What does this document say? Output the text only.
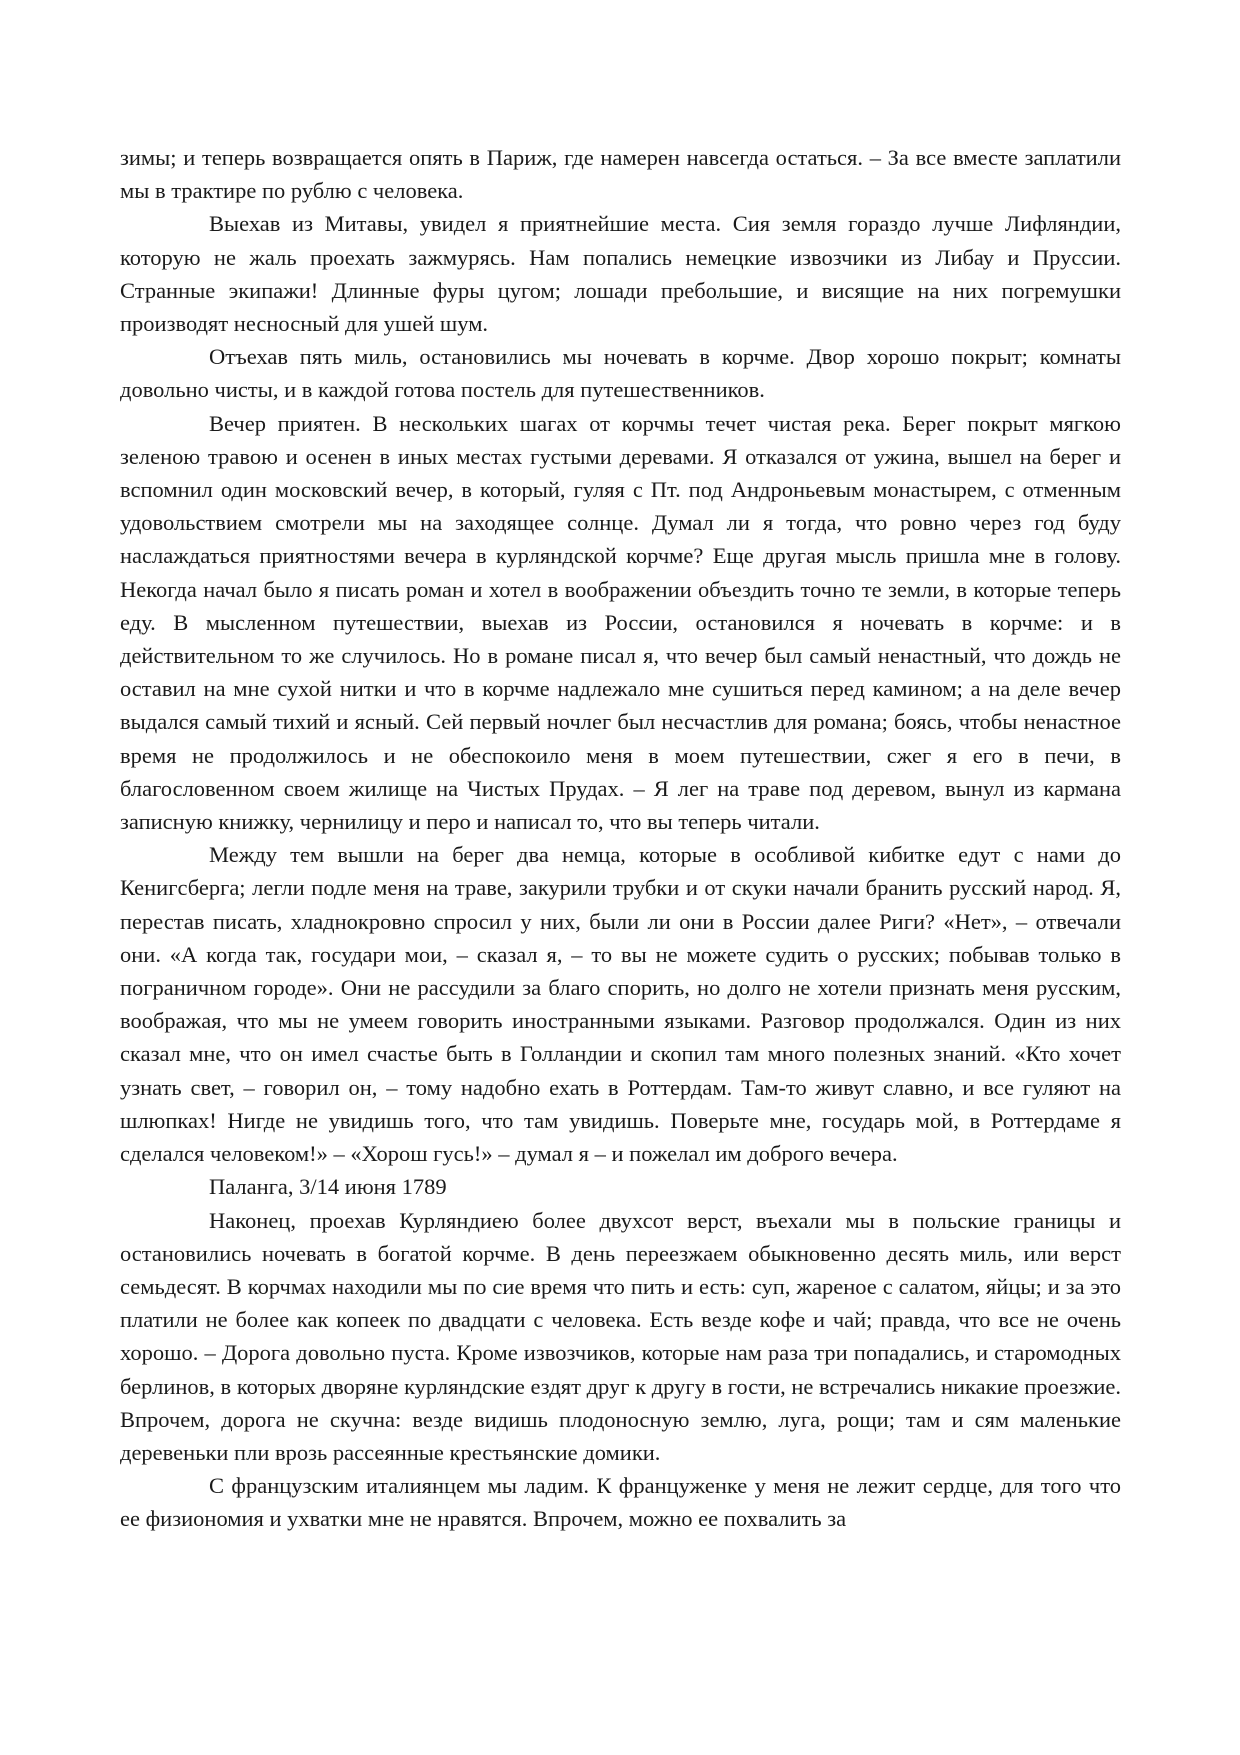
зимы; и теперь возвращается опять в Париж, где намерен навсегда остаться. – За все вместе заплатили мы в трактире по рублю с человека.

Выехав из Митавы, увидел я приятнейшие места. Сия земля гораздо лучше Лифляндии, которую не жаль проехать зажмурясь. Нам попались немецкие извозчики из Либау и Пруссии. Странные экипажи! Длинные фуры цугом; лошади пребольшие, и висящие на них погремушки производят несносный для ушей шум.

Отъехав пять миль, остановились мы ночевать в корчме. Двор хорошо покрыт; комнаты довольно чисты, и в каждой готова постель для путешественников.

Вечер приятен. В нескольких шагах от корчмы течет чистая река. Берег покрыт мягкою зеленою травою и осенен в иных местах густыми деревами. Я отказался от ужина, вышел на берег и вспомнил один московский вечер, в который, гуляя с Пт. под Андроньевым монастырем, с отменным удовольствием смотрели мы на заходящее солнце. Думал ли я тогда, что ровно через год буду наслаждаться приятностями вечера в курляндской корчме? Еще другая мысль пришла мне в голову. Некогда начал было я писать роман и хотел в воображении объездить точно те земли, в которые теперь еду. В мысленном путешествии, выехав из России, остановился я ночевать в корчме: и в действительном то же случилось. Но в романе писал я, что вечер был самый ненастный, что дождь не оставил на мне сухой нитки и что в корчме надлежало мне сушиться перед камином; а на деле вечер выдался самый тихий и ясный. Сей первый ночлег был несчастлив для романа; боясь, чтобы ненастное время не продолжилось и не обеспокоило меня в моем путешествии, сжег я его в печи, в благословенном своем жилище на Чистых Прудах. – Я лег на траве под деревом, вынул из кармана записную книжку, чернилицу и перо и написал то, что вы теперь читали.

Между тем вышли на берег два немца, которые в особливой кибитке едут с нами до Кенигсберга; легли подле меня на траве, закурили трубки и от скуки начали бранить русский народ. Я, перестав писать, хладнокровно спросил у них, были ли они в России далее Риги? «Нет», – отвечали они. «А когда так, государи мои, – сказал я, – то вы не можете судить о русских; побывав только в пограничном городе». Они не рассудили за благо спорить, но долго не хотели признать меня русским, воображая, что мы не умеем говорить иностранными языками. Разговор продолжался. Один из них сказал мне, что он имел счастье быть в Голландии и скопил там много полезных знаний. «Кто хочет узнать свет, – говорил он, – тому надобно ехать в Роттердам. Там-то живут славно, и все гуляют на шлюпках! Нигде не увидишь того, что там увидишь. Поверьте мне, государь мой, в Роттердаме я сделался человеком!» – «Хорош гусь!» – думал я – и пожелал им доброго вечера.

Паланга, 3/14 июня 1789

Наконец, проехав Курляндиею более двухсот верст, въехали мы в польские границы и остановились ночевать в богатой корчме. В день переезжаем обыкновенно десять миль, или верст семьдесят. В корчмах находили мы по сие время что пить и есть: суп, жареное с салатом, яйцы; и за это платили не более как копеек по двадцати с человека. Есть везде кофе и чай; правда, что все не очень хорошо. – Дорога довольно пуста. Кроме извозчиков, которые нам раза три попадались, и старомодных берлинов, в которых дворяне курляндские ездят друг к другу в гости, не встречались никакие проезжие. Впрочем, дорога не скучна: везде видишь плодоносную землю, луга, рощи; там и сям маленькие деревеньки пли врозь рассеянные крестьянские домики.

С французским италиянцем мы ладим. К француженке у меня не лежит сердце, для того что ее физиономия и ухватки мне не нравятся. Впрочем, можно ее похвалить за
